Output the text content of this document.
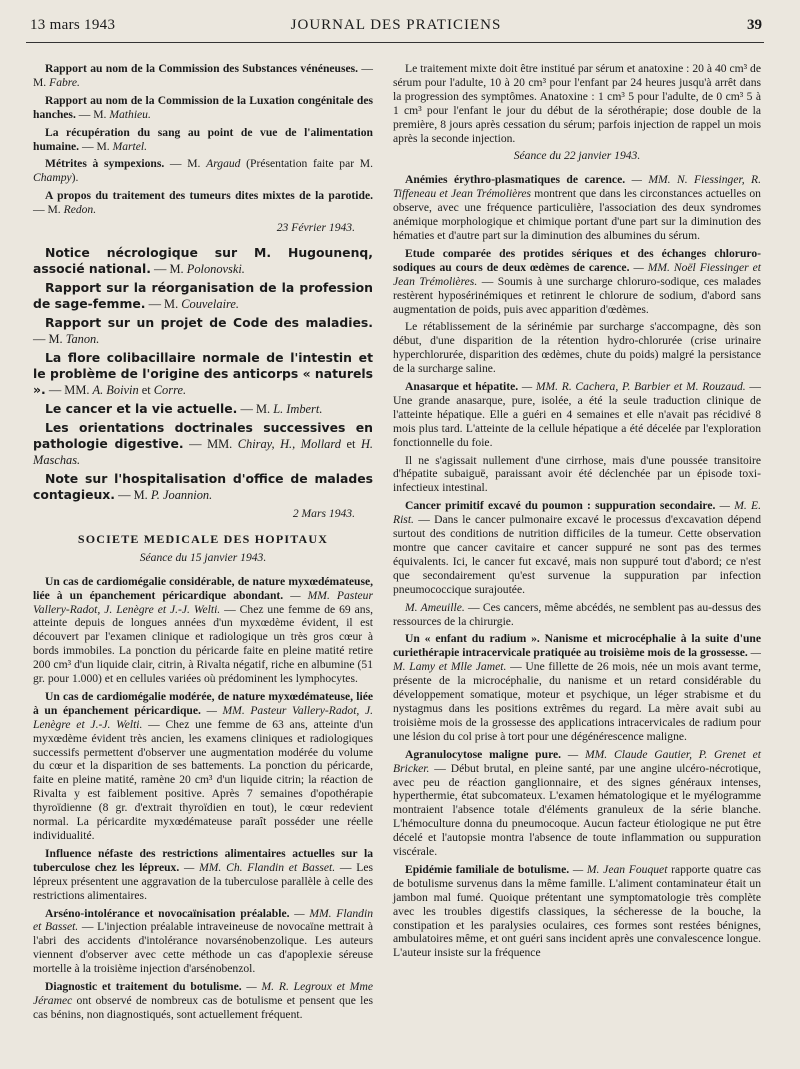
13 mars 1943	JOURNAL DES PRATICIENS	39

Rapport au nom de la Commission des Substances vénéneuses. — M. Fabre.

Rapport au nom de la Commission de la Luxation congénitale des hanches. — M. Mathieu.

La récupération du sang au point de vue de l'alimentation humaine. — M. Martel.

Métrites à sympexions. — M. Argaud (Présentation faite par M. Champy).

A propos du traitement des tumeurs dites mixtes de la parotide. — M. Redon.

23 Février 1943.

Notice nécrologique sur M. Hugounenq, associé national. — M. Polonovski.

Rapport sur la réorganisation de la profession de sage-femme. — M. Couvelaire.

Rapport sur un projet de Code des maladies. — M. Tanon.

La flore colibacillaire normale de l'intestin et le problème de l'origine des anticorps « naturels ». — MM. A. Boivin et Corre.

Le cancer et la vie actuelle. — M. L. Imbert.

Les orientations doctrinales successives en pathologie digestive. — MM. Chiray, H., Mollard et H. Maschas.

Note sur l'hospitalisation d'office de malades contagieux. — M. P. Joannion.

2 Mars 1943.

SOCIETE MEDICALE DES HOPITAUX

Séance du 15 janvier 1943.

Un cas de cardiomégalie considérable, de nature myxœdémateuse, liée à un épanchement péricardique abondant. — MM. Pasteur Vallery-Radot, J. Lenègre et J.-J. Welti. — Chez une femme de 69 ans, atteinte depuis de longues années d'un myxœdème évident, il est découvert par l'examen clinique et radiologique un très gros cœur à bords immobiles. La ponction du péricarde faite en pleine matité retire 200 cm³ d'un liquide clair, citrin, à Rivalta négatif, riche en albumine (51 gr. pour 1.000) et en cellules variées où prédominent les lymphocytes.

Un cas de cardiomégalie modérée, de nature myxœdémateuse, liée à un épanchement péricardique. — MM. Pasteur Vallery-Radot, J. Lenègre et J.-J. Welti. — Chez une femme de 63 ans, atteinte d'un myxœdème évident très ancien, les examens cliniques et radiologiques successifs permettent d'observer une augmentation modérée du volume du cœur et la disparition de ses battements. La ponction du péricarde, faite en pleine matité, ramène 20 cm³ d'un liquide citrin; la réaction de Rivalta y est faiblement positive. Après 7 semaines d'opothérapie thyroïdienne (8 gr. d'extrait thyroïdien en tout), le cœur redevient normal. La péricardite myxœdémateuse paraît posséder une réelle individualité.

Influence néfaste des restrictions alimentaires actuelles sur la tuberculose chez les lépreux. — MM. Ch. Flandin et Basset. — Les lépreux présentent une aggravation de la tuberculose parallèle à celle des restrictions alimentaires.

Arséno-intolérance et novocaïnisation préalable. — MM. Flandin et Basset. — L'injection préalable intraveineuse de novocaïne mettrait à l'abri des accidents d'intolérance novarsénobenzolique. Les auteurs viennent d'observer avec cette méthode un cas d'apoplexie séreuse mortelle à la troisième injection d'arsénobenzol.

Diagnostic et traitement du botulisme. — M. R. Legroux et Mme Jéramec ont observé de nombreux cas de botulisme et pensent que les cas bénins, non diagnostiqués, sont actuellement fréquent.

Le traitement mixte doit être institué par sérum et anatoxine : 20 à 40 cm³ de sérum pour l'adulte, 10 à 20 cm³ pour l'enfant par 24 heures jusqu'à arrêt dans la progression des symptômes. Anatoxine : 1 cm³ 5 pour l'adulte, de 0 cm³ 5 à 1 cm³ pour l'enfant le jour du début de la sérothérapie; dose double de la première, 8 jours après cessation du sérum; parfois injection de rappel un mois après la seconde injection.

Séance du 22 janvier 1943.

Anémies érythro-plasmatiques de carence. — MM. N. Fiessinger, R. Tiffeneau et Jean Trémolières montrent que dans les circonstances actuelles on observe, avec une fréquence particulière, l'association des deux syndromes anémique morphologique et chimique portant d'une part sur la diminution des hématies et d'autre part sur la diminution des albumines du sérum.

Etude comparée des protides sériques et des échanges chloruro-sodiques au cours de deux œdèmes de carence. — MM. Noël Fiessinger et Jean Trémolières. — Soumis à une surcharge chloruro-sodique, ces malades restèrent hyposérinémiques et retinrent le chlorure de sodium, d'abord sans augmentation de poids, puis avec apparition d'œdèmes.

Le rétablissement de la sérinémie par surcharge s'accompagne, dès son début, d'une disparition de la rétention hydro-chlorurée (crise urinaire hyperchlorurée, disparition des œdèmes, chute du poids) malgré la persistance de la surcharge saline.

Anasarque et hépatite. — MM. R. Cachera, P. Barbier et M. Rouzaud. — Une grande anasarque, pure, isolée, a été la seule traduction clinique de l'atteinte hépatique. Elle a guéri en 4 semaines et elle n'avait pas récidivé 8 mois plus tard. L'atteinte de la cellule hépatique a été décelée par l'exploration fonctionnelle du foie.

Il ne s'agissait nullement d'une cirrhose, mais d'une poussée transitoire d'hépatite subaiguë, paraissant avoir été déclenchée par un épisode toxi-infectieux intestinal.

Cancer primitif excavé du poumon : suppuration secondaire. — M. E. Rist. — Dans le cancer pulmonaire excavé le processus d'excavation dépend surtout des conditions de nutrition difficiles de la tumeur. Cette observation montre que cancer cavitaire et cancer suppuré ne sont pas des termes équivalents. Ici, le cancer fut excavé, mais non suppuré tout d'abord; ce n'est que secondairement qu'est survenue la suppuration par infection pneumococcique surajoutée.

M. Ameuille. — Ces cancers, même abcédés, ne semblent pas au-dessus des ressources de la chirurgie.

Un « enfant du radium ». Nanisme et microcéphalie à la suite d'une curiethérapie intracervicale pratiquée au troisième mois de la grossesse. — M. Lamy et Mlle Jamet. — Une fillette de 26 mois, née un mois avant terme, présente de la microcéphalie, du nanisme et un retard considérable du développement somatique, moteur et psychique, un léger strabisme et du nystagmus dans les positions extrêmes du regard. La mère avait subi au troisième mois de la grossesse des applications intracervicales de radium pour une lésion du col prise à tort pour une dégénérescence maligne.

Agranulocytose maligne pure. — MM. Claude Gautier, P. Grenet et Bricker. — Début brutal, en pleine santé, par une angine ulcéro-nécrotique, avec peu de réaction ganglionnaire, et des signes généraux intenses, hyperthermie, état subcomateux. L'examen hématologique et le myélogramme montraient l'absence totale d'éléments granuleux de la série blanche. L'hémoculture donna du pneumocoque. Aucun facteur étiologique ne put être décelé et l'autopsie montra l'absence de toute inflammation ou suppuration viscérale.

Epidémie familiale de botulisme. — M. Jean Fouquet rapporte quatre cas de botulisme survenus dans la même famille. L'aliment contaminateur était un jambon mal fumé. Quoique prétentant une symptomatologie très complète avec les troubles digestifs classiques, la sécheresse de la bouche, la constipation et les paralysies oculaires, ces formes sont restées bénignes, ambulatoires même, et ont guéri sans incident après une convalescence longue. L'auteur insiste sur la fréquence
